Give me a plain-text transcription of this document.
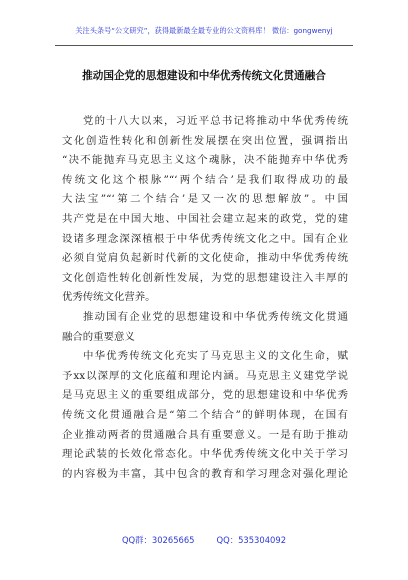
关注头条号“公文研究”，获得最新最全最专业的公文资料库！ 微信：gongwenyj
推动国企党的思想建设和中华优秀传统文化贯通融合
党的十八大以来，习近平总书记将推动中华优秀传统
文化创造性转化和创新性发展摆在突出位置，强调指出
“决不能抛弃马克思主义这个魂脉，决不能抛弃中华优秀
传统文化这个根脉”“‘两个结合’是我们取得成功的最
大法宝”“‘第二个结合’是又一次的思想解放”。中国
共产党是在中国大地、中国社会建立起来的政党，党的建
设诸多理念深深植根于中华优秀传统文化之中。国有企业
必须自觉肩负起新时代新的文化使命，推动中华优秀传统
文化创造性转化创新性发展，为党的思想建设注入丰厚的
优秀传统文化营养。
推动国有企业党的思想建设和中华优秀传统文化贯通
融合的重要意义
中华优秀传统文化充实了马克思主义的文化生命，赋
予xx以深厚的文化底蕴和理论内涵。马克思主义建党学说
是马克思主义的重要组成部分，党的思想建设和中华优秀
传统文化贯通融合是“第二个结合”的鲜明体现，在国有
企业推动两者的贯通融合具有重要意义。一是有助于推动
理论武装的长效化常态化。中华优秀传统文化中关于学习
的内容极为丰富，其中包含的教育和学习理念对强化理论
QQ群：30265665	QQ：535304092
